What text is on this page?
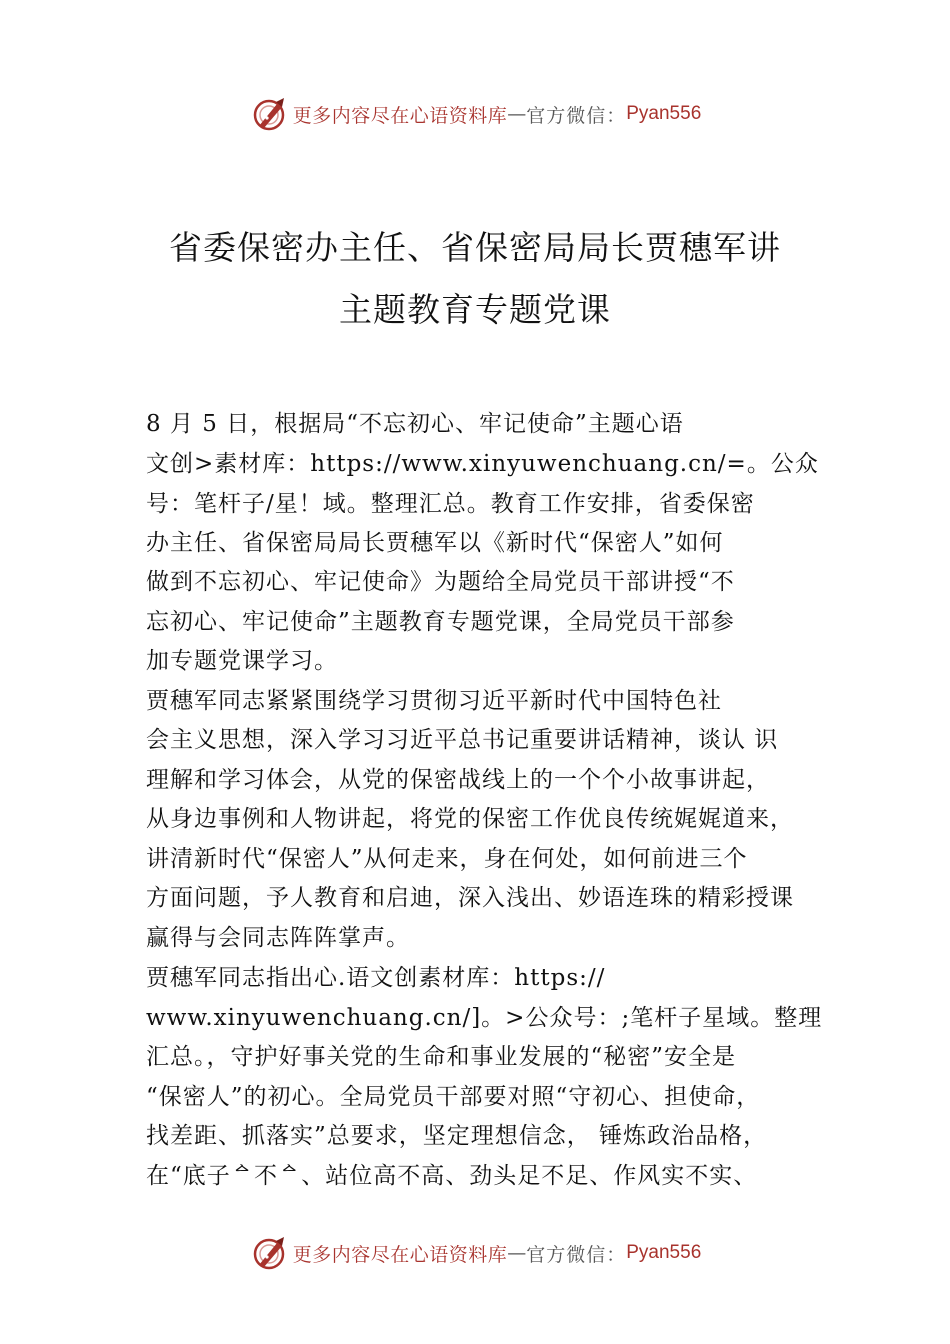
更多内容尽在心语资料库 — 官方微信： Pyan556
省委保密办主任、省保密局局长贾穗军讲
主题教育专题党课
8 月 5 日，根据局“不忘初心、牢记使命”主题心语
文创>素材库：https://www.xinyuwenchuang.cn/=。公众
号：笔杆子/星！域。整理汇总。教育工作安排，省委保密
办主任、省保密局局长贾穗军以《新时代“保密人”如何
做到不忘初心、牢记使命》为题给全局党员干部讲授“不
忘初心、牢记使命”主题教育专题党课，全局党员干部参
加专题党课学习。
贾穗军同志紧紧围绕学习贯彻习近平新时代中国特色社
会主义思想，深入学习习近平总书记重要讲话精神，谈认 识
理解和学习体会，从党的保密战线上的一个个小故事讲起，
从身边事例和人物讲起，将党的保密工作优良传统娓娓道来，
讲清新时代“保密人”从何走来，身在何处，如何前进三个
方面问题，予人教育和启迪，深入浅出、妙语连珠的精彩授课
赢得与会同志阵阵掌声。
贾穗军同志指出心.语文创素材库：https://
www.xinyuwenchuang.cn/]。>公众号：;笔杆子星域。整理
汇总。，守护好事关党的生命和事业发展的“秘密”安全是
“保密人”的初心。全局党员干部要对照“守初心、担使命，
找差距、抓落实”总要求，坚定理想信念， 锤炼政治品格，
在“底子ᅀ不ᅀ、站位高不高、劲头足不足、作风实不实、
更多内容尽在心语资料库 — 官方微信： Pyan556
